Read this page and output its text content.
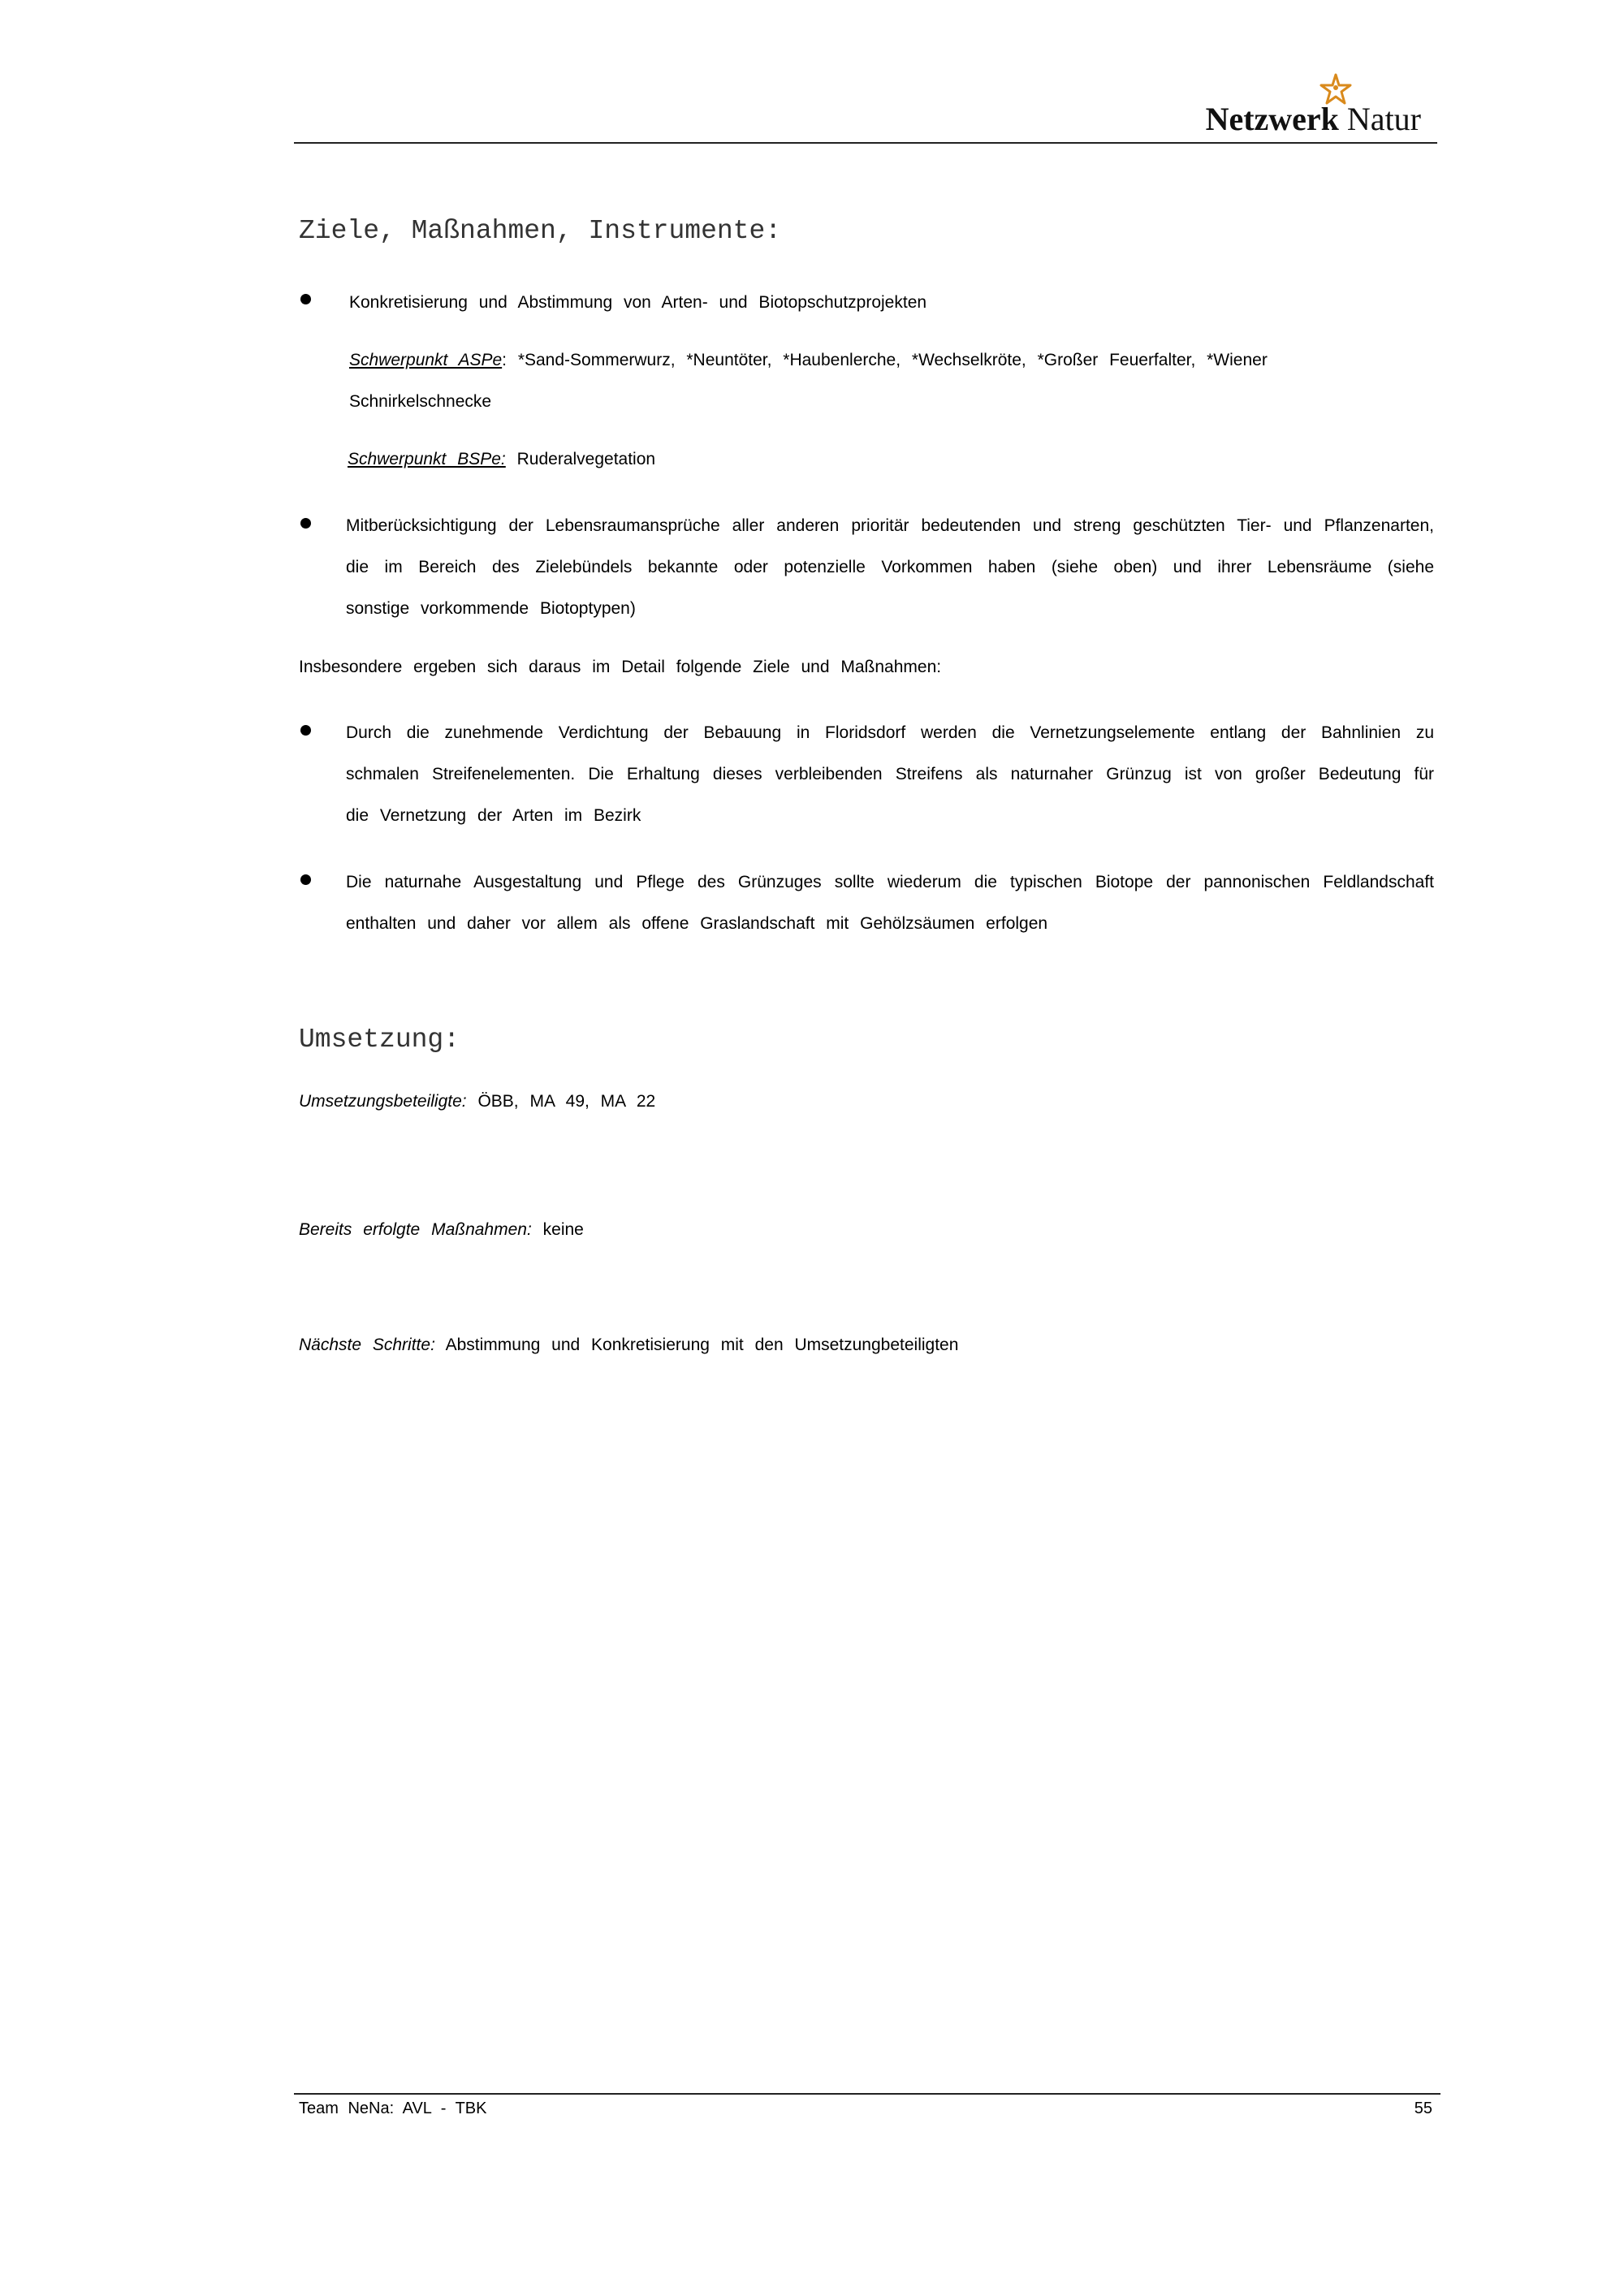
Netzwerk Natur
Ziele, Maßnahmen, Instrumente:
Konkretisierung und Abstimmung von Arten- und Biotopschutzprojekten
Schwerpunkt ASPe: *Sand-Sommerwurz, *Neuntöter, *Haubenlerche, *Wechselkröte, *Großer Feuerfalter, *Wiener
Schnirkelschnecke
Schwerpunkt BSPe: Ruderalvegetation
Mitberücksichtigung der Lebensraumansprüche aller anderen prioritär bedeutenden und streng geschützten Tier- und Pflanzenarten, die im Bereich des Zielebündels bekannte oder potenzielle Vorkommen haben (siehe oben) und ihrer Lebensräume (siehe sonstige vorkommende Biotoptypen)
Insbesondere ergeben sich daraus im Detail folgende Ziele und Maßnahmen:
Durch die zunehmende Verdichtung der Bebauung in Floridsdorf werden die Vernetzungselemente entlang der Bahnlinien zu schmalen Streifenelementen. Die Erhaltung dieses verbleibenden Streifens als naturnaher Grünzug ist von großer Bedeutung für die Vernetzung der Arten im Bezirk
Die naturnahe Ausgestaltung und Pflege des Grünzuges sollte wiederum die typischen Biotope der pannonischen Feldlandschaft enthalten und daher vor allem als offene Graslandschaft mit Gehölzsäumen erfolgen
Umsetzung:
Umsetzungsbeteiligte: ÖBB, MA 49, MA 22
Bereits erfolgte Maßnahmen: keine
Nächste Schritte: Abstimmung und Konkretisierung mit den Umsetzungbeteiligten
Team NeNa: AVL - TBK	55
